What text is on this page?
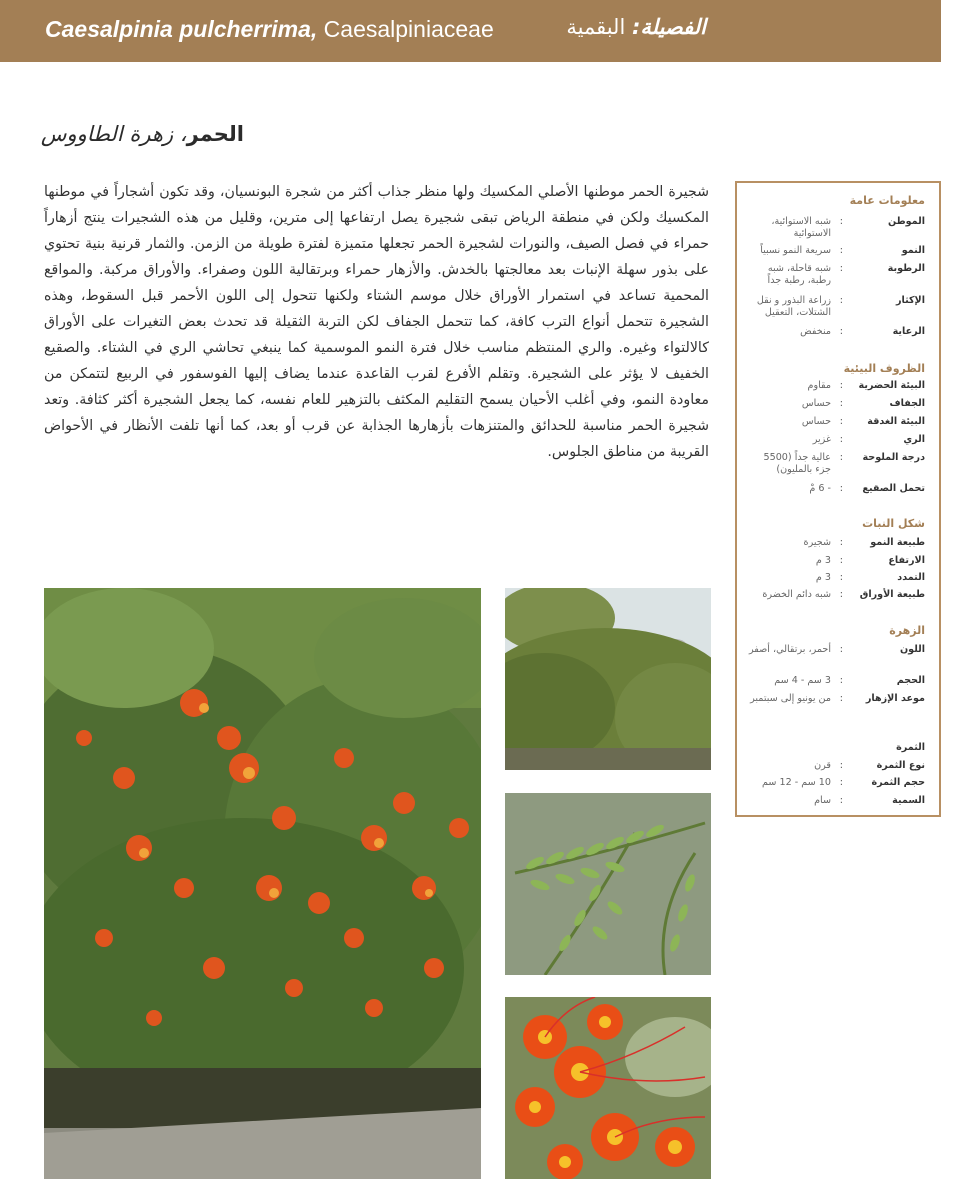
Caesalpinia pulcherrima, Caesalpiniaceae	الفصيلة: البقمية
الحمر، زهرة الطاووس
شجيرة الحمر موطنها الأصلي المكسيك ولها منظر جذاب أكثر من شجرة البونسيان، وقد تكون أشجاراً في موطنها المكسيك ولكن في منطقة الرياض تبقى شجيرة يصل ارتفاعها إلى مترين، وقليل من هذه الشجيرات ينتج أزهاراً حمراء في فصل الصيف، والنورات لشجيرة الحمر تجعلها متميزة لفترة طويلة من الزمن. والثمار قرنية بنية تحتوي على بذور سهلة الإنبات بعد معالجتها بالخدش. والأزهار حمراء وبرتقالية اللون وصفراء. والأوراق مركبة. والمواقع المحمية تساعد في استمرار الأوراق خلال موسم الشتاء ولكنها تتحول إلى اللون الأحمر قبل السقوط، وهذه الشجيرة تتحمل أنواع الترب كافة، كما تتحمل الجفاف لكن التربة الثقيلة قد تحدث بعض التغيرات على الأوراق كالالتواء وغيره. والري المنتظم مناسب خلال فترة النمو الموسمية كما ينبغي تحاشي الري في الشتاء. والصقيع الخفيف لا يؤثر على الشجيرة. وتقلم الأفرع لقرب القاعدة عندما يضاف إليها الفوسفور في الربيع لتتمكن من معاودة النمو، وفي أغلب الأحيان يسمح التقليم المكثف بالتزهير للعام نفسه، كما يجعل الشجيرة أكثر كثافة. وتعد شجيرة الحمر مناسبة للحدائق والمتنزهات بأزهارها الجذابة عن قرب أو بعد، كما أنها تلفت الأنظار في الأحواض القريبة من مناطق الجلوس.
معلومات عامة
الموطن
:
شبه الاستوائية، الاستوائية
النمو
:
سريعة النمو نسبياً
الرطوبة
:
شبه قاحلة، شبه رطبة، رطبة جداً
الإكثار
:
زراعة البذور و نقل الشتلات، التعقيل
الرعاية
:
منخفض
الظروف البيئية
البيئة الحضرية
:
مقاوم
الجفاف
:
حساس
البيئة الغدقة
:
حساس
الري
:
غزير
درجة الملوحة
:
عالية جداً (5500 جزء بالمليون)
تحمل الصقيع
:
- 6 مْ
شكل النبات
طبيعة النمو
:
شجيرة
الارتفاع
:
3 م
التمدد
:
3 م
طبيعة الأوراق
:
شبه دائم الخضرة
الزهرة
اللون
:
أحمر، برتقالي، أصفر
الحجم
:
3 سم - 4 سم
موعد الإزهار
:
من يونيو إلى سبتمبر
الثمرة
نوع الثمرة
:
قرن
حجم الثمرة
:
10 سم - 12 سم
السمية
:
سام
